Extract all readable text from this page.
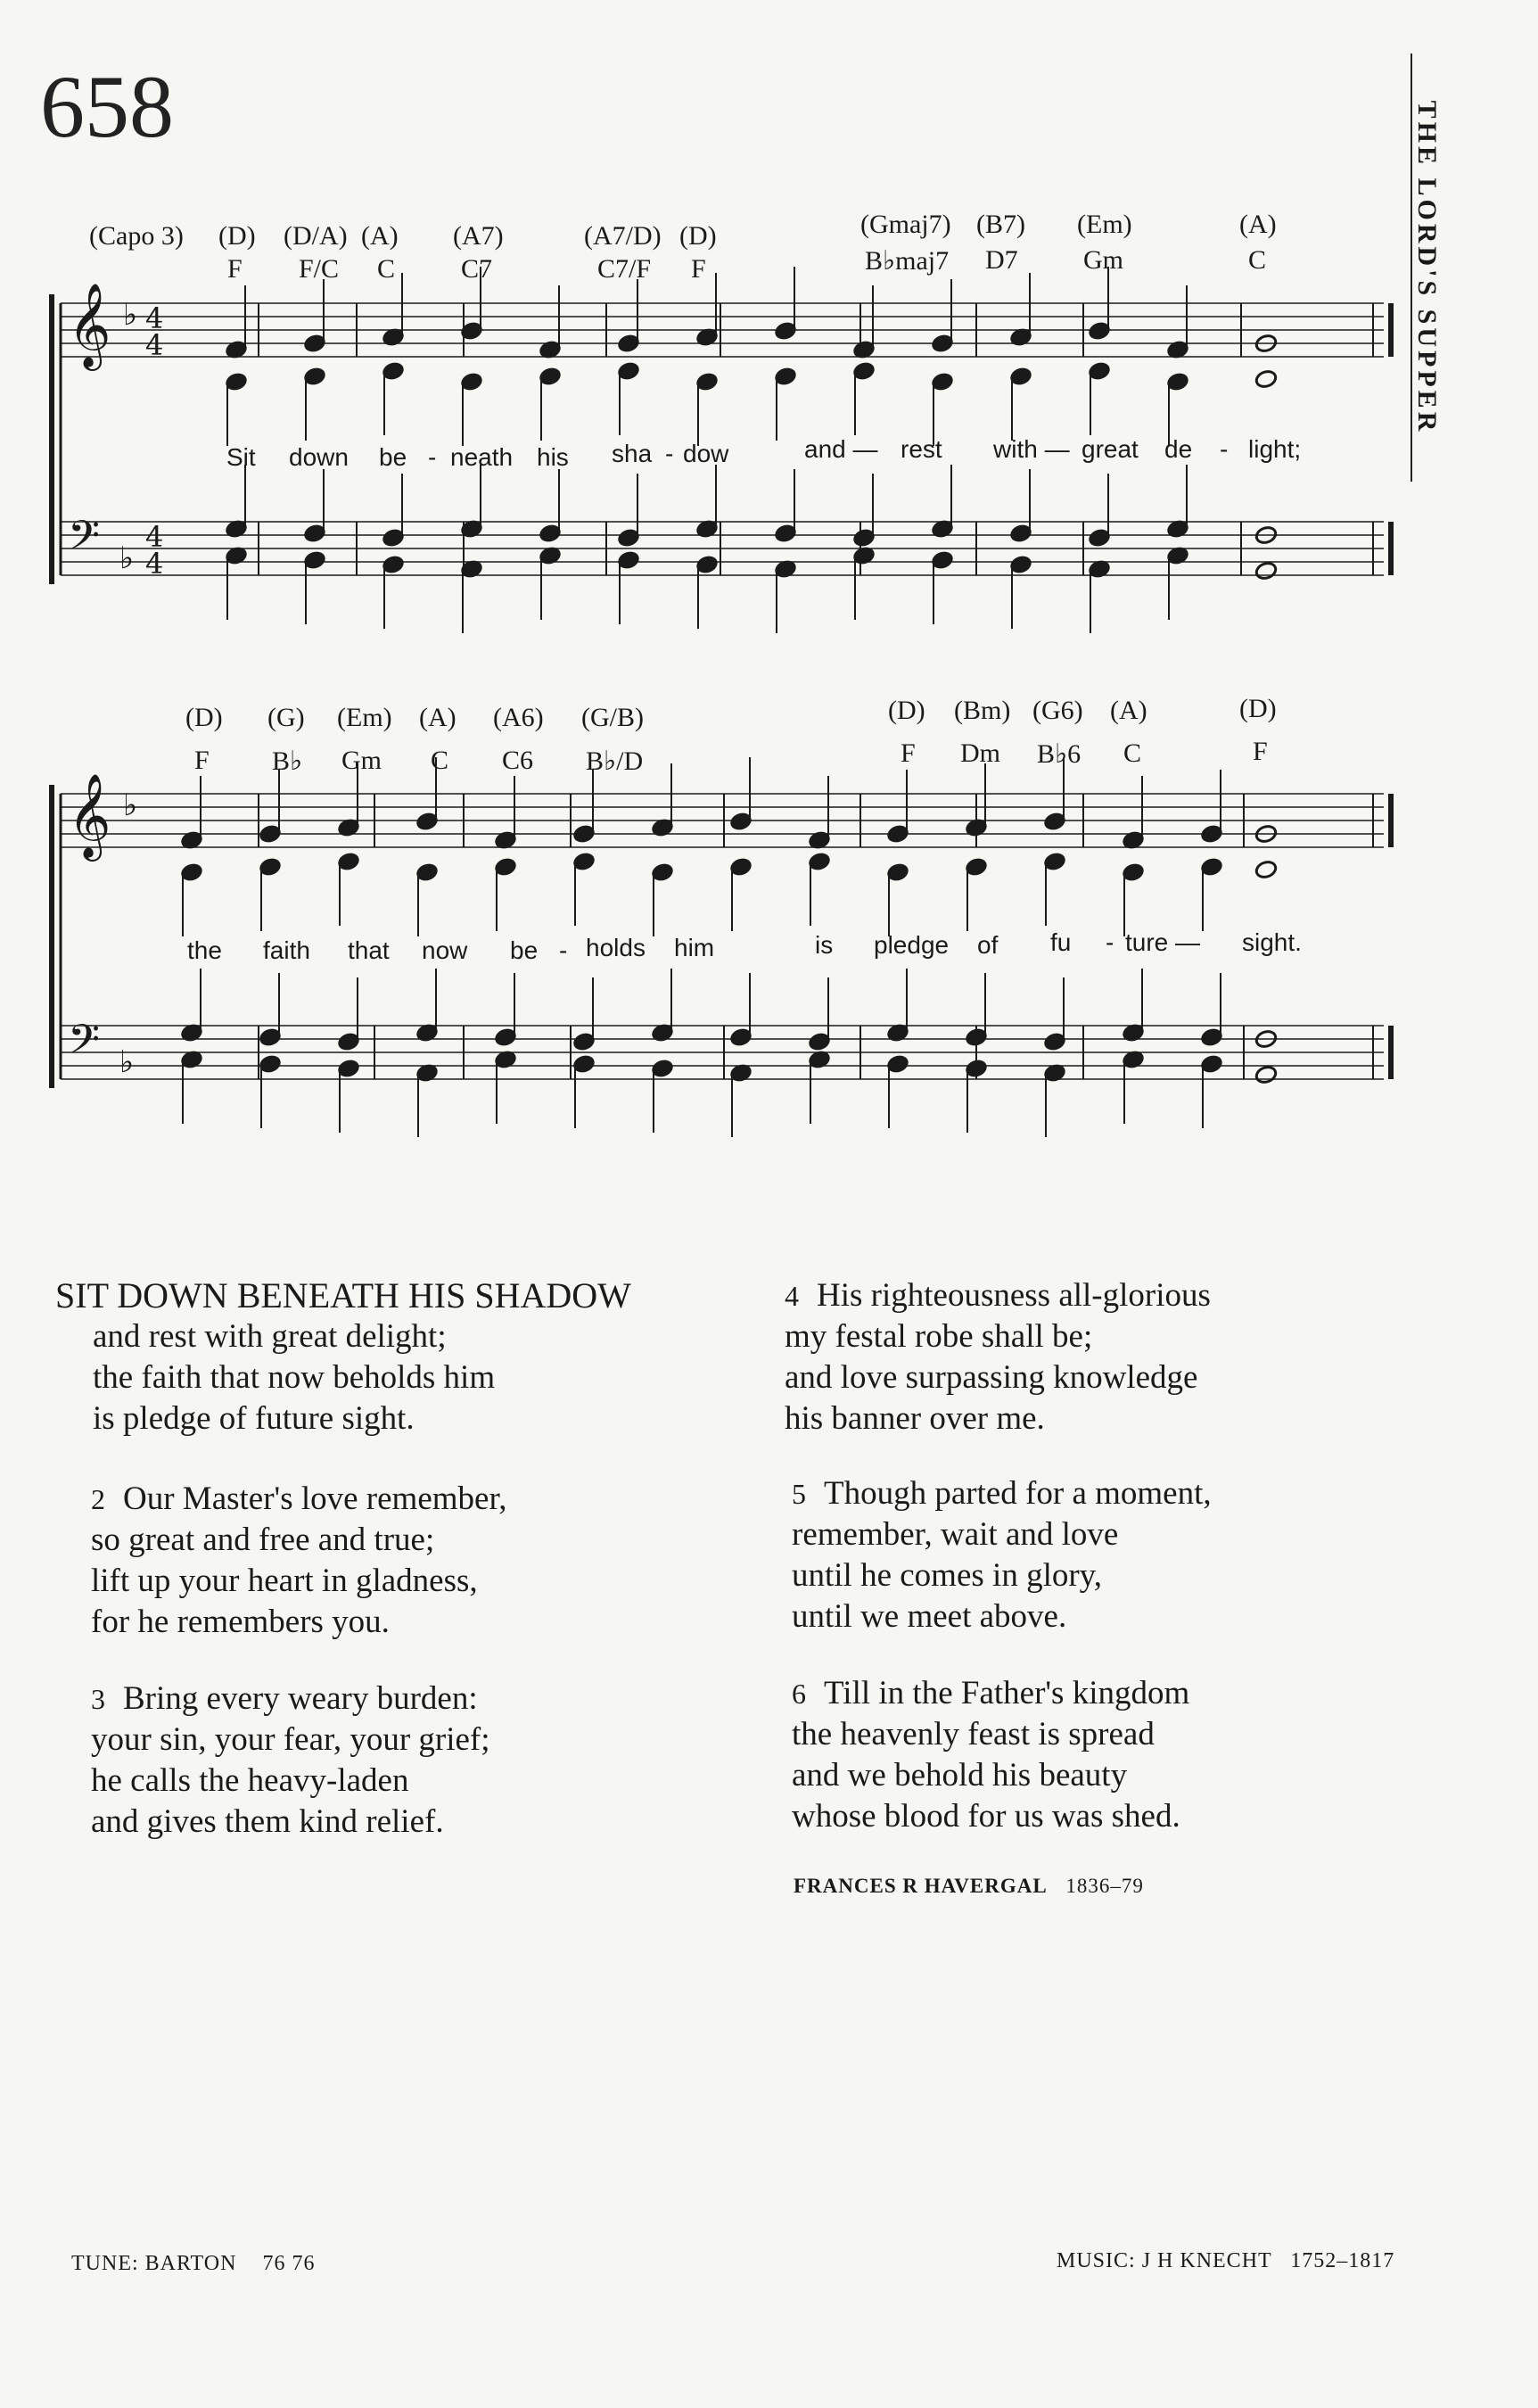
658	THE LORD'S SUPPER
(Capo 3) (D) (D/A) (A) (A7)	(A7/D) (D)	(Gmaj7) (B7) (Em)	(A)
F F/C C C7	C7/F F	B♭maj7 D7 Gm	C
Sit down be - neath his sha - dow	and — rest with — great de - light;
(D) (G) (Em) (A) (A6) (G/B)	(D) (Bm) (G6) (A)	(D)
F B♭ Gm C C6 B♭/D	F Dm B♭6 C	F
the faith that now be - holds him	is pledge of fu - ture — sight.
𝄞 ♭ 4
4
𝄢 ♭
4
4
𝄞 ♭
𝄢 ♭
SIT DOWN BENEATH HIS SHADOW
and rest with great delight;
the faith that now beholds him
is pledge of future sight.
2 Our Master's love remember,
so great and free and true;
lift up your heart in gladness,
for he remembers you.
3 Bring every weary burden:
your sin, your fear, your grief;
he calls the heavy-laden
and gives them kind relief.
4 His righteousness all-glorious
my festal robe shall be;
and love surpassing knowledge
his banner over me.
5 Though parted for a moment,
remember, wait and love
until he comes in glory,
until we meet above.
6 Till in the Father's kingdom
the heavenly feast is spread
and we behold his beauty
whose blood for us was shed.
FRANCES R HAVERGAL 1836–79
TUNE: BARTON 76 76	MUSIC: J H KNECHT 1752–1817
